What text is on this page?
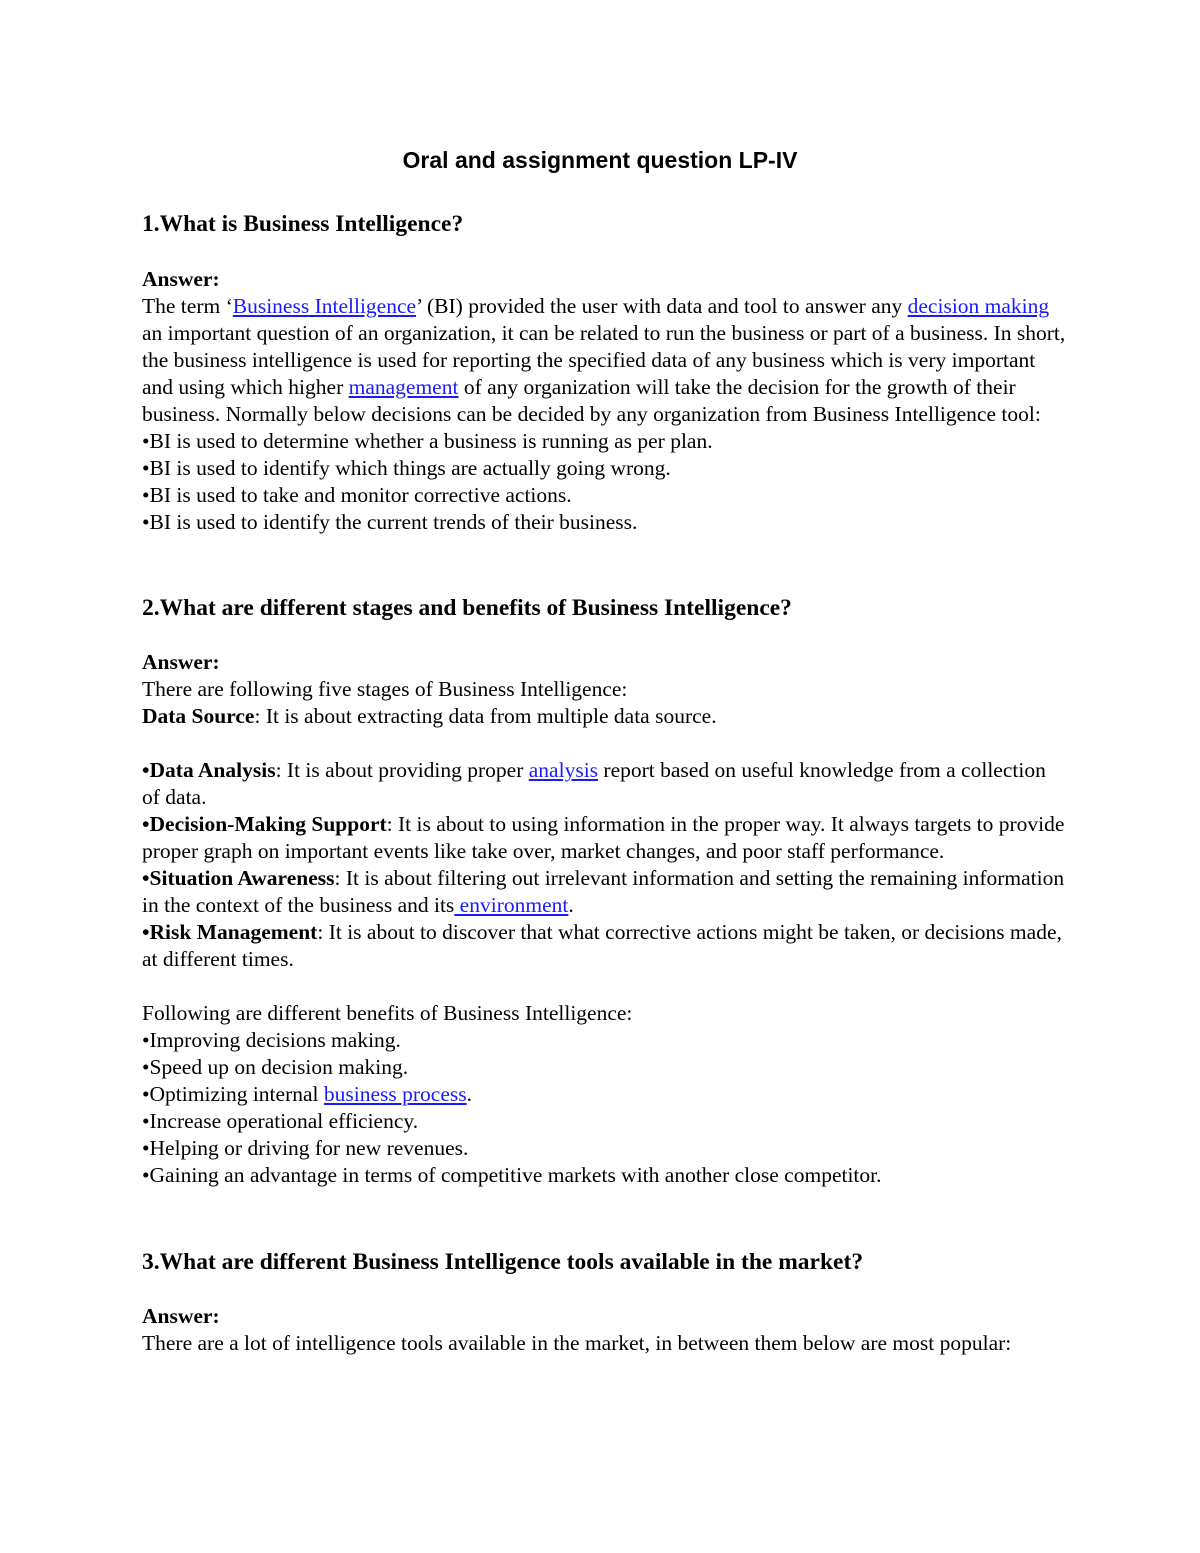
Oral and assignment question LP-IV
1.What is Business Intelligence?

Answer:

The term ‘Business Intelligence’ (BI) provided the user with data and tool to answer any decision making an important question of an organization, it can be related to run the business or part of a business. In short, the business intelligence is used for reporting the specified data of any business which is very important and using which higher management of any organization will take the decision for the growth of their business. Normally below decisions can be decided by any organization from Business Intelligence tool:

•BI is used to determine whether a business is running as per plan.

•BI is used to identify which things are actually going wrong.

•BI is used to take and monitor corrective actions.

•BI is used to identify the current trends of their business.

2.What are different stages and benefits of Business Intelligence?

Answer:

There are following five stages of Business Intelligence:

Data Source: It is about extracting data from multiple data source.

•Data Analysis: It is about providing proper analysis report based on useful knowledge from a collection of data.

•Decision-Making Support: It is about to using information in the proper way. It always targets to provide proper graph on important events like take over, market changes, and poor staff performance.

•Situation Awareness: It is about filtering out irrelevant information and setting the remaining information in the context of the business and its environment.

•Risk Management: It is about to discover that what corrective actions might be taken, or decisions made, at different times.

Following are different benefits of Business Intelligence:

•Improving decisions making.

•Speed up on decision making.

•Optimizing internal business process.

•Increase operational efficiency.

•Helping or driving for new revenues.

•Gaining an advantage in terms of competitive markets with another close competitor.

3.What are different Business Intelligence tools available in the market?

Answer:

There are a lot of intelligence tools available in the market, in between them below are most popular:
